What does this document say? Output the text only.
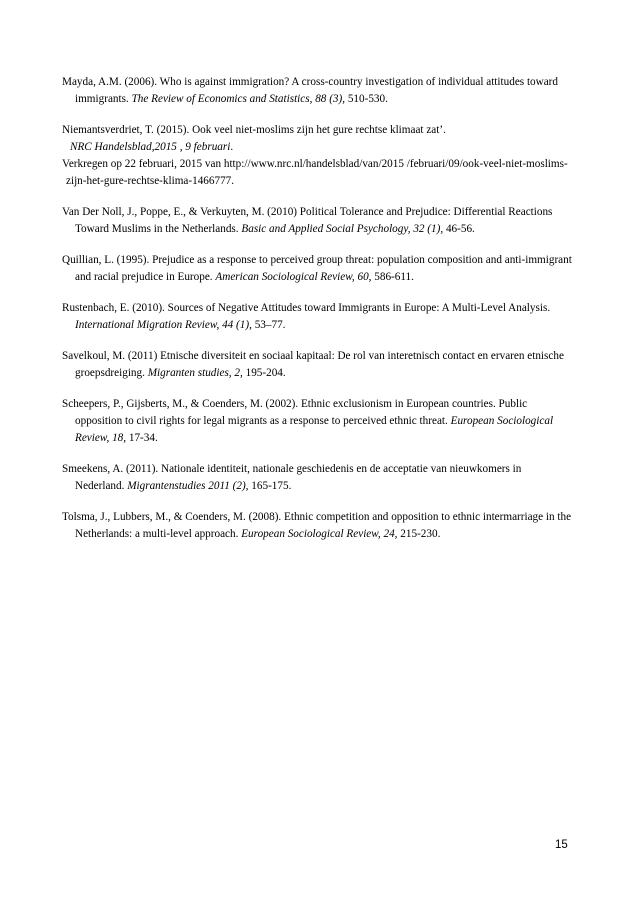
Mayda, A.M. (2006). Who is against immigration? A cross-country investigation of individual attitudes toward immigrants. The Review of Economics and Statistics, 88 (3), 510-530.

Niemantsverdriet, T. (2015). Ook veel niet-moslims zijn het gure rechtse klimaat zat’.
NRC Handelsblad,2015 , 9 februari.
Verkregen op 22 februari, 2015 van http://www.nrc.nl/handelsblad/van/2015 /februari/09/ook-veel-niet-moslims-zijn-het-gure-rechtse-klima-1466777.

Van Der Noll, J., Poppe, E., & Verkuyten, M. (2010) Political Tolerance and Prejudice: Differential Reactions Toward Muslims in the Netherlands. Basic and Applied Social Psychology, 32 (1), 46-56.

Quillian, L. (1995). Prejudice as a response to perceived group threat: population composition and anti-immigrant and racial prejudice in Europe. American Sociological Review, 60, 586-611.

Rustenbach, E. (2010). Sources of Negative Attitudes toward Immigrants in Europe: A Multi-Level Analysis. International Migration Review, 44 (1), 53–77.

Savelkoul, M. (2011) Etnische diversiteit en sociaal kapitaal: De rol van interetnisch contact en ervaren etnische groepsdreiging. Migranten studies, 2, 195-204.

Scheepers, P., Gijsberts, M., & Coenders, M. (2002). Ethnic exclusionism in European countries. Public opposition to civil rights for legal migrants as a response to perceived ethnic threat. European Sociological Review, 18, 17-34.

Smeekens, A. (2011). Nationale identiteit, nationale geschiedenis en de acceptatie van nieuwkomers in Nederland. Migrantenstudies 2011 (2), 165-175.

Tolsma, J., Lubbers, M., & Coenders, M. (2008). Ethnic competition and opposition to ethnic intermarriage in the Netherlands: a multi-level approach. European Sociological Review, 24, 215-230.

15
